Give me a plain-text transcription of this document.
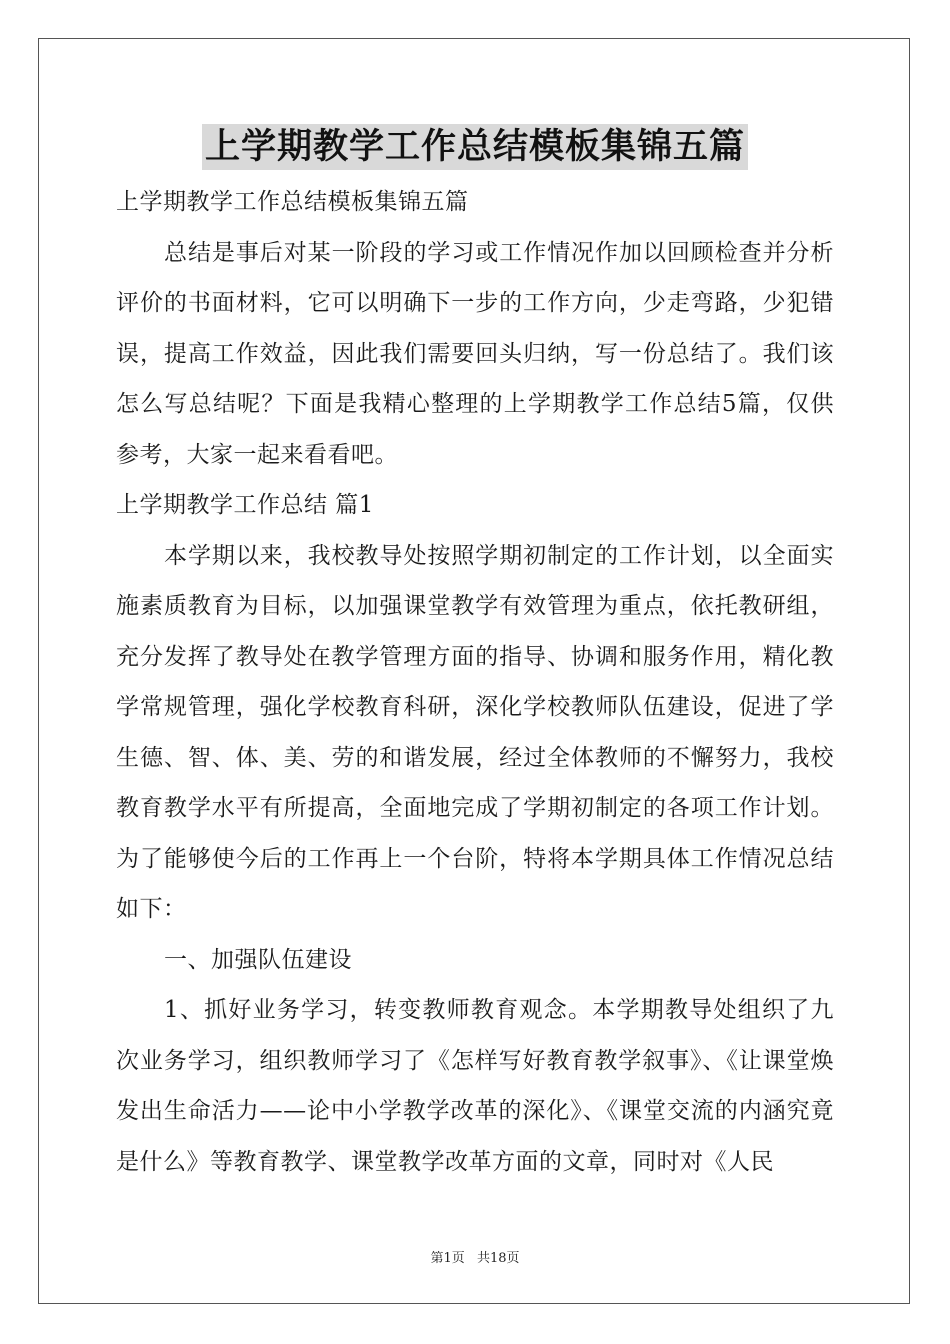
上学期教学工作总结模板集锦五篇

上学期教学工作总结模板集锦五篇

总结是事后对某一阶段的学习或工作情况作加以回顾检查并分析评价的书面材料，它可以明确下一步的工作方向，少走弯路，少犯错误，提高工作效益，因此我们需要回头归纳，写一份总结了。我们该怎么写总结呢？下面是我精心整理的上学期教学工作总结5篇，仅供参考，大家一起来看看吧。

上学期教学工作总结 篇1

本学期以来，我校教导处按照学期初制定的工作计划，以全面实施素质教育为目标，以加强课堂教学有效管理为重点，依托教研组，充分发挥了教导处在教学管理方面的指导、协调和服务作用，精化教学常规管理，强化学校教育科研，深化学校教师队伍建设，促进了学生德、智、体、美、劳的和谐发展，经过全体教师的不懈努力，我校教育教学水平有所提高，全面地完成了学期初制定的各项工作计划。为了能够使今后的工作再上一个台阶，特将本学期具体工作情况总结如下：

一、加强队伍建设

1、抓好业务学习，转变教师教育观念。本学期教导处组织了九次业务学习，组织教师学习了《怎样写好教育教学叙事》、《让课堂焕发出生命活力——论中小学教学改革的深化》、《课堂交流的内涵究竟是什么》等教育教学、课堂教学改革方面的文章，同时对《人民

第1页 共18页
